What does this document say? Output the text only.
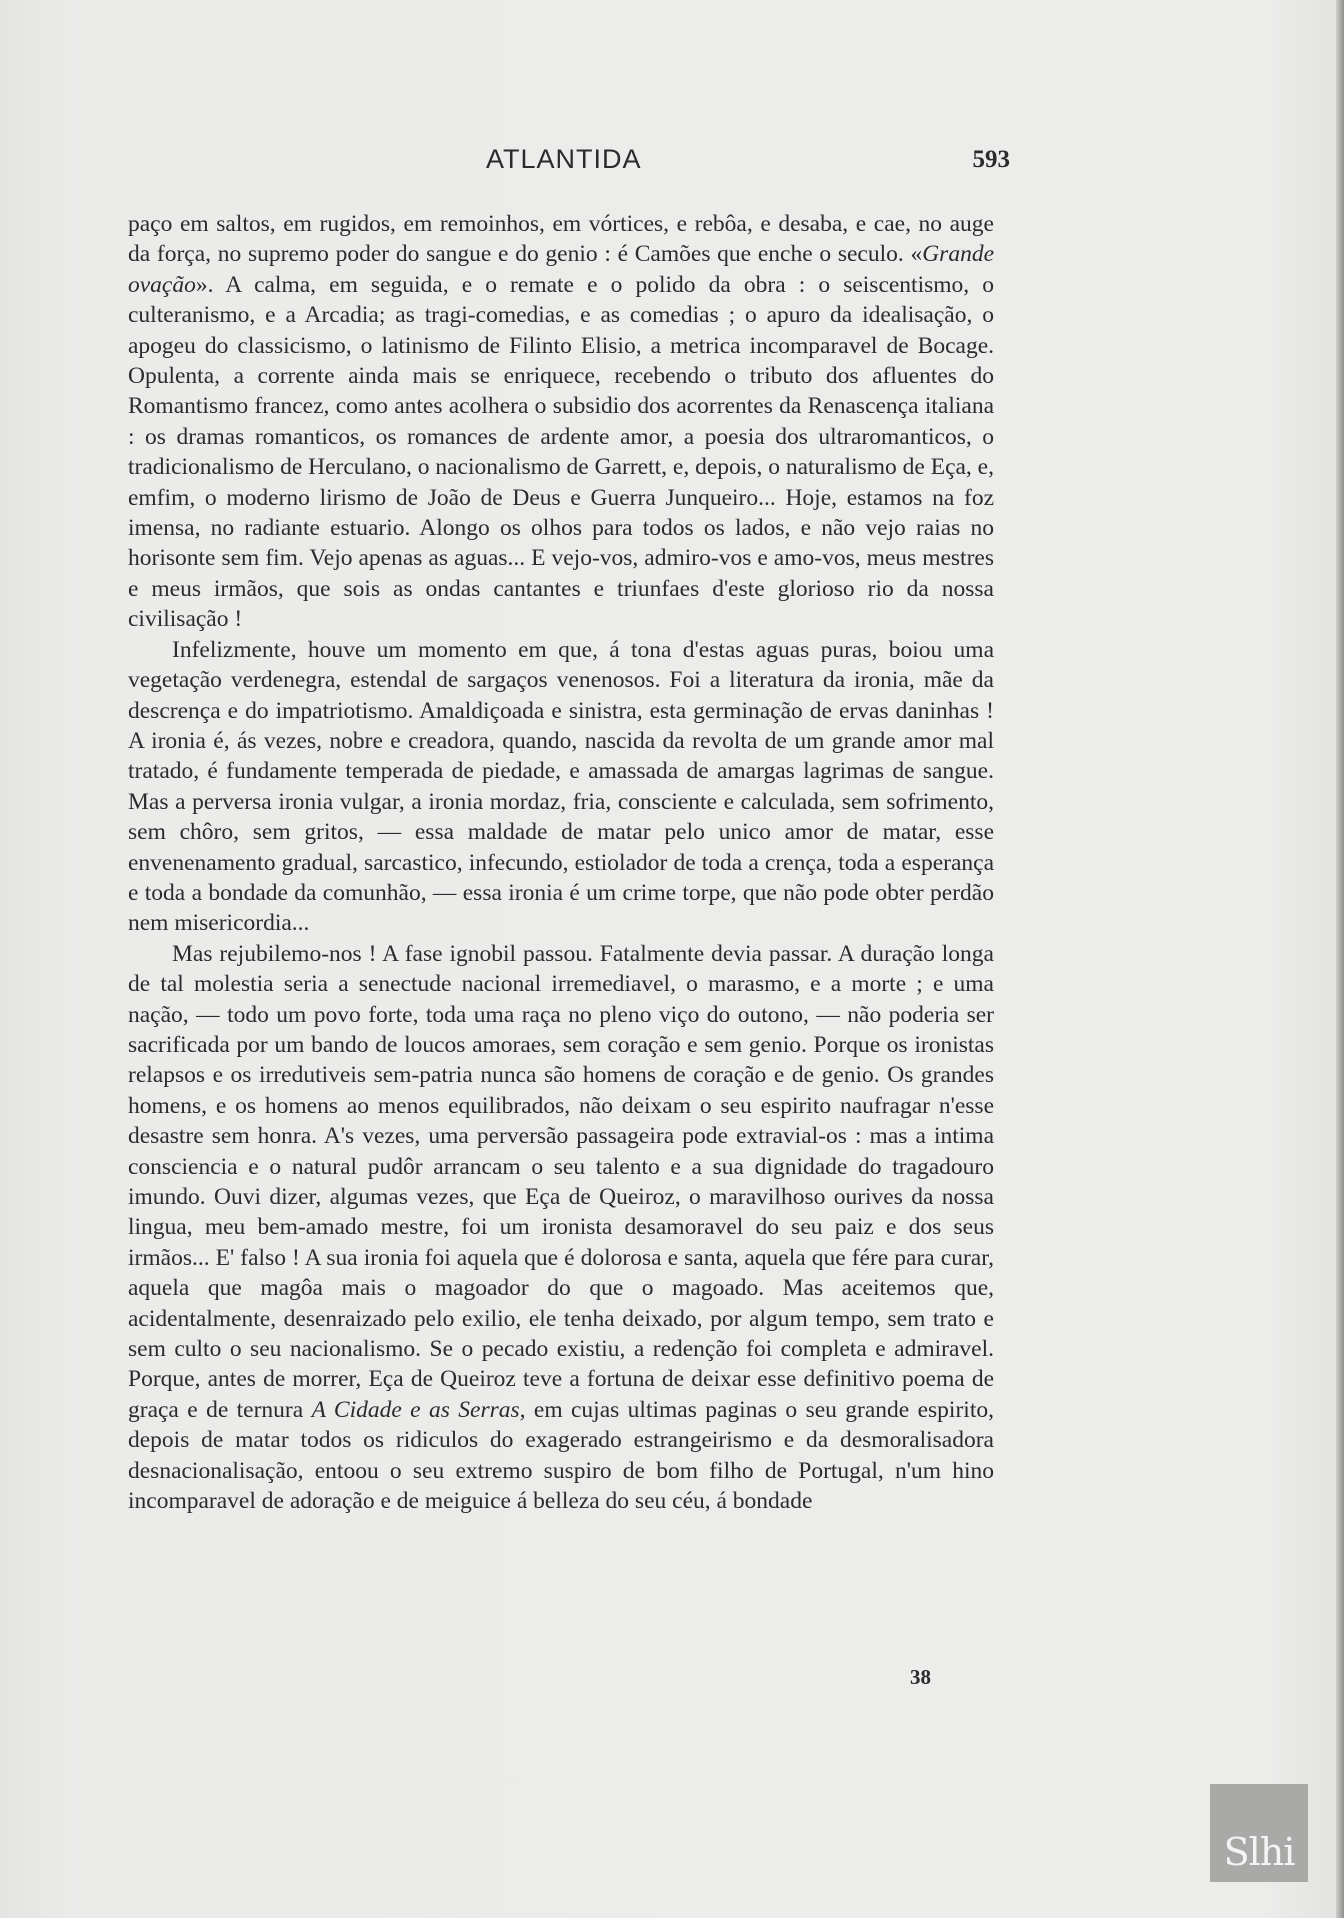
ATLANTIDA	593

paço em saltos, em rugidos, em remoinhos, em vórtices, e rebôa, e desaba, e cae, no auge da força, no supremo poder do sangue e do genio : é Camões que enche o seculo. «Grande ovação». A calma, em seguida, e o remate e o polido da obra : o seiscentismo, o culteranismo, e a Arcadia; as tragi-comedias, e as comedias ; o apuro da idealisação, o apogeu do classicismo, o latinismo de Filinto Elisio, a metrica incomparavel de Bocage. Opulenta, a corrente ainda mais se enriquece, recebendo o tributo dos afluentes do Romantismo francez, como antes acolhera o subsidio dos acorrentes da Renascença italiana : os dramas romanticos, os romances de ardente amor, a poesia dos ultraromanticos, o tradicionalismo de Herculano, o nacionalismo de Garrett, e, depois, o naturalismo de Eça, e, emfim, o moderno lirismo de João de Deus e Guerra Junqueiro... Hoje, estamos na foz imensa, no radiante estuario. Alongo os olhos para todos os lados, e não vejo raias no horisonte sem fim. Vejo apenas as aguas... E vejo-vos, admiro-vos e amo-vos, meus mestres e meus irmãos, que sois as ondas cantantes e triunfaes d'este glorioso rio da nossa civilisação !

Infelizmente, houve um momento em que, á tona d'estas aguas puras, boiou uma vegetação verdenegra, estendal de sargaços venenosos. Foi a literatura da ironia, mãe da descrença e do impatriotismo. Amaldiçoada e sinistra, esta germinação de ervas daninhas ! A ironia é, ás vezes, nobre e creadora, quando, nascida da revolta de um grande amor mal tratado, é fundamente temperada de piedade, e amassada de amargas lagrimas de sangue. Mas a perversa ironia vulgar, a ironia mordaz, fria, consciente e calculada, sem sofrimento, sem chôro, sem gritos, — essa maldade de matar pelo unico amor de matar, esse envenenamento gradual, sarcastico, infecundo, estiolador de toda a crença, toda a esperança e toda a bondade da comunhão, — essa ironia é um crime torpe, que não pode obter perdão nem misericordia...

Mas rejubilemo-nos ! A fase ignobil passou. Fatalmente devia passar. A duração longa de tal molestia seria a senectude nacional irremediavel, o marasmo, e a morte ; e uma nação, — todo um povo forte, toda uma raça no pleno viço do outono, — não poderia ser sacrificada por um bando de loucos amoraes, sem coração e sem genio. Porque os ironistas relapsos e os irredutiveis sem-patria nunca são homens de coração e de genio. Os grandes homens, e os homens ao menos equilibrados, não deixam o seu espirito naufragar n'esse desastre sem honra. A's vezes, uma perversão passageira pode extravial-os : mas a intima consciencia e o natural pudôr arrancam o seu talento e a sua dignidade do tragadouro imundo. Ouvi dizer, algumas vezes, que Eça de Queiroz, o maravilhoso ourives da nossa lingua, meu bem-amado mestre, foi um ironista desamoravel do seu paiz e dos seus irmãos... E' falso ! A sua ironia foi aquela que é dolorosa e santa, aquela que fére para curar, aquela que magôa mais o magoador do que o magoado. Mas aceitemos que, acidentalmente, desenraizado pelo exilio, ele tenha deixado, por algum tempo, sem trato e sem culto o seu nacionalismo. Se o pecado existiu, a redenção foi completa e admiravel. Porque, antes de morrer, Eça de Queiroz teve a fortuna de deixar esse definitivo poema de graça e de ternura A Cidade e as Serras, em cujas ultimas paginas o seu grande espirito, depois de matar todos os ridiculos do exagerado estrangeirismo e da desmoralisadora desnacionalisação, entoou o seu extremo suspiro de bom filho de Portugal, n'um hino incomparavel de adoração e de meiguice á belleza do seu céu, á bondade

38
Slhi
